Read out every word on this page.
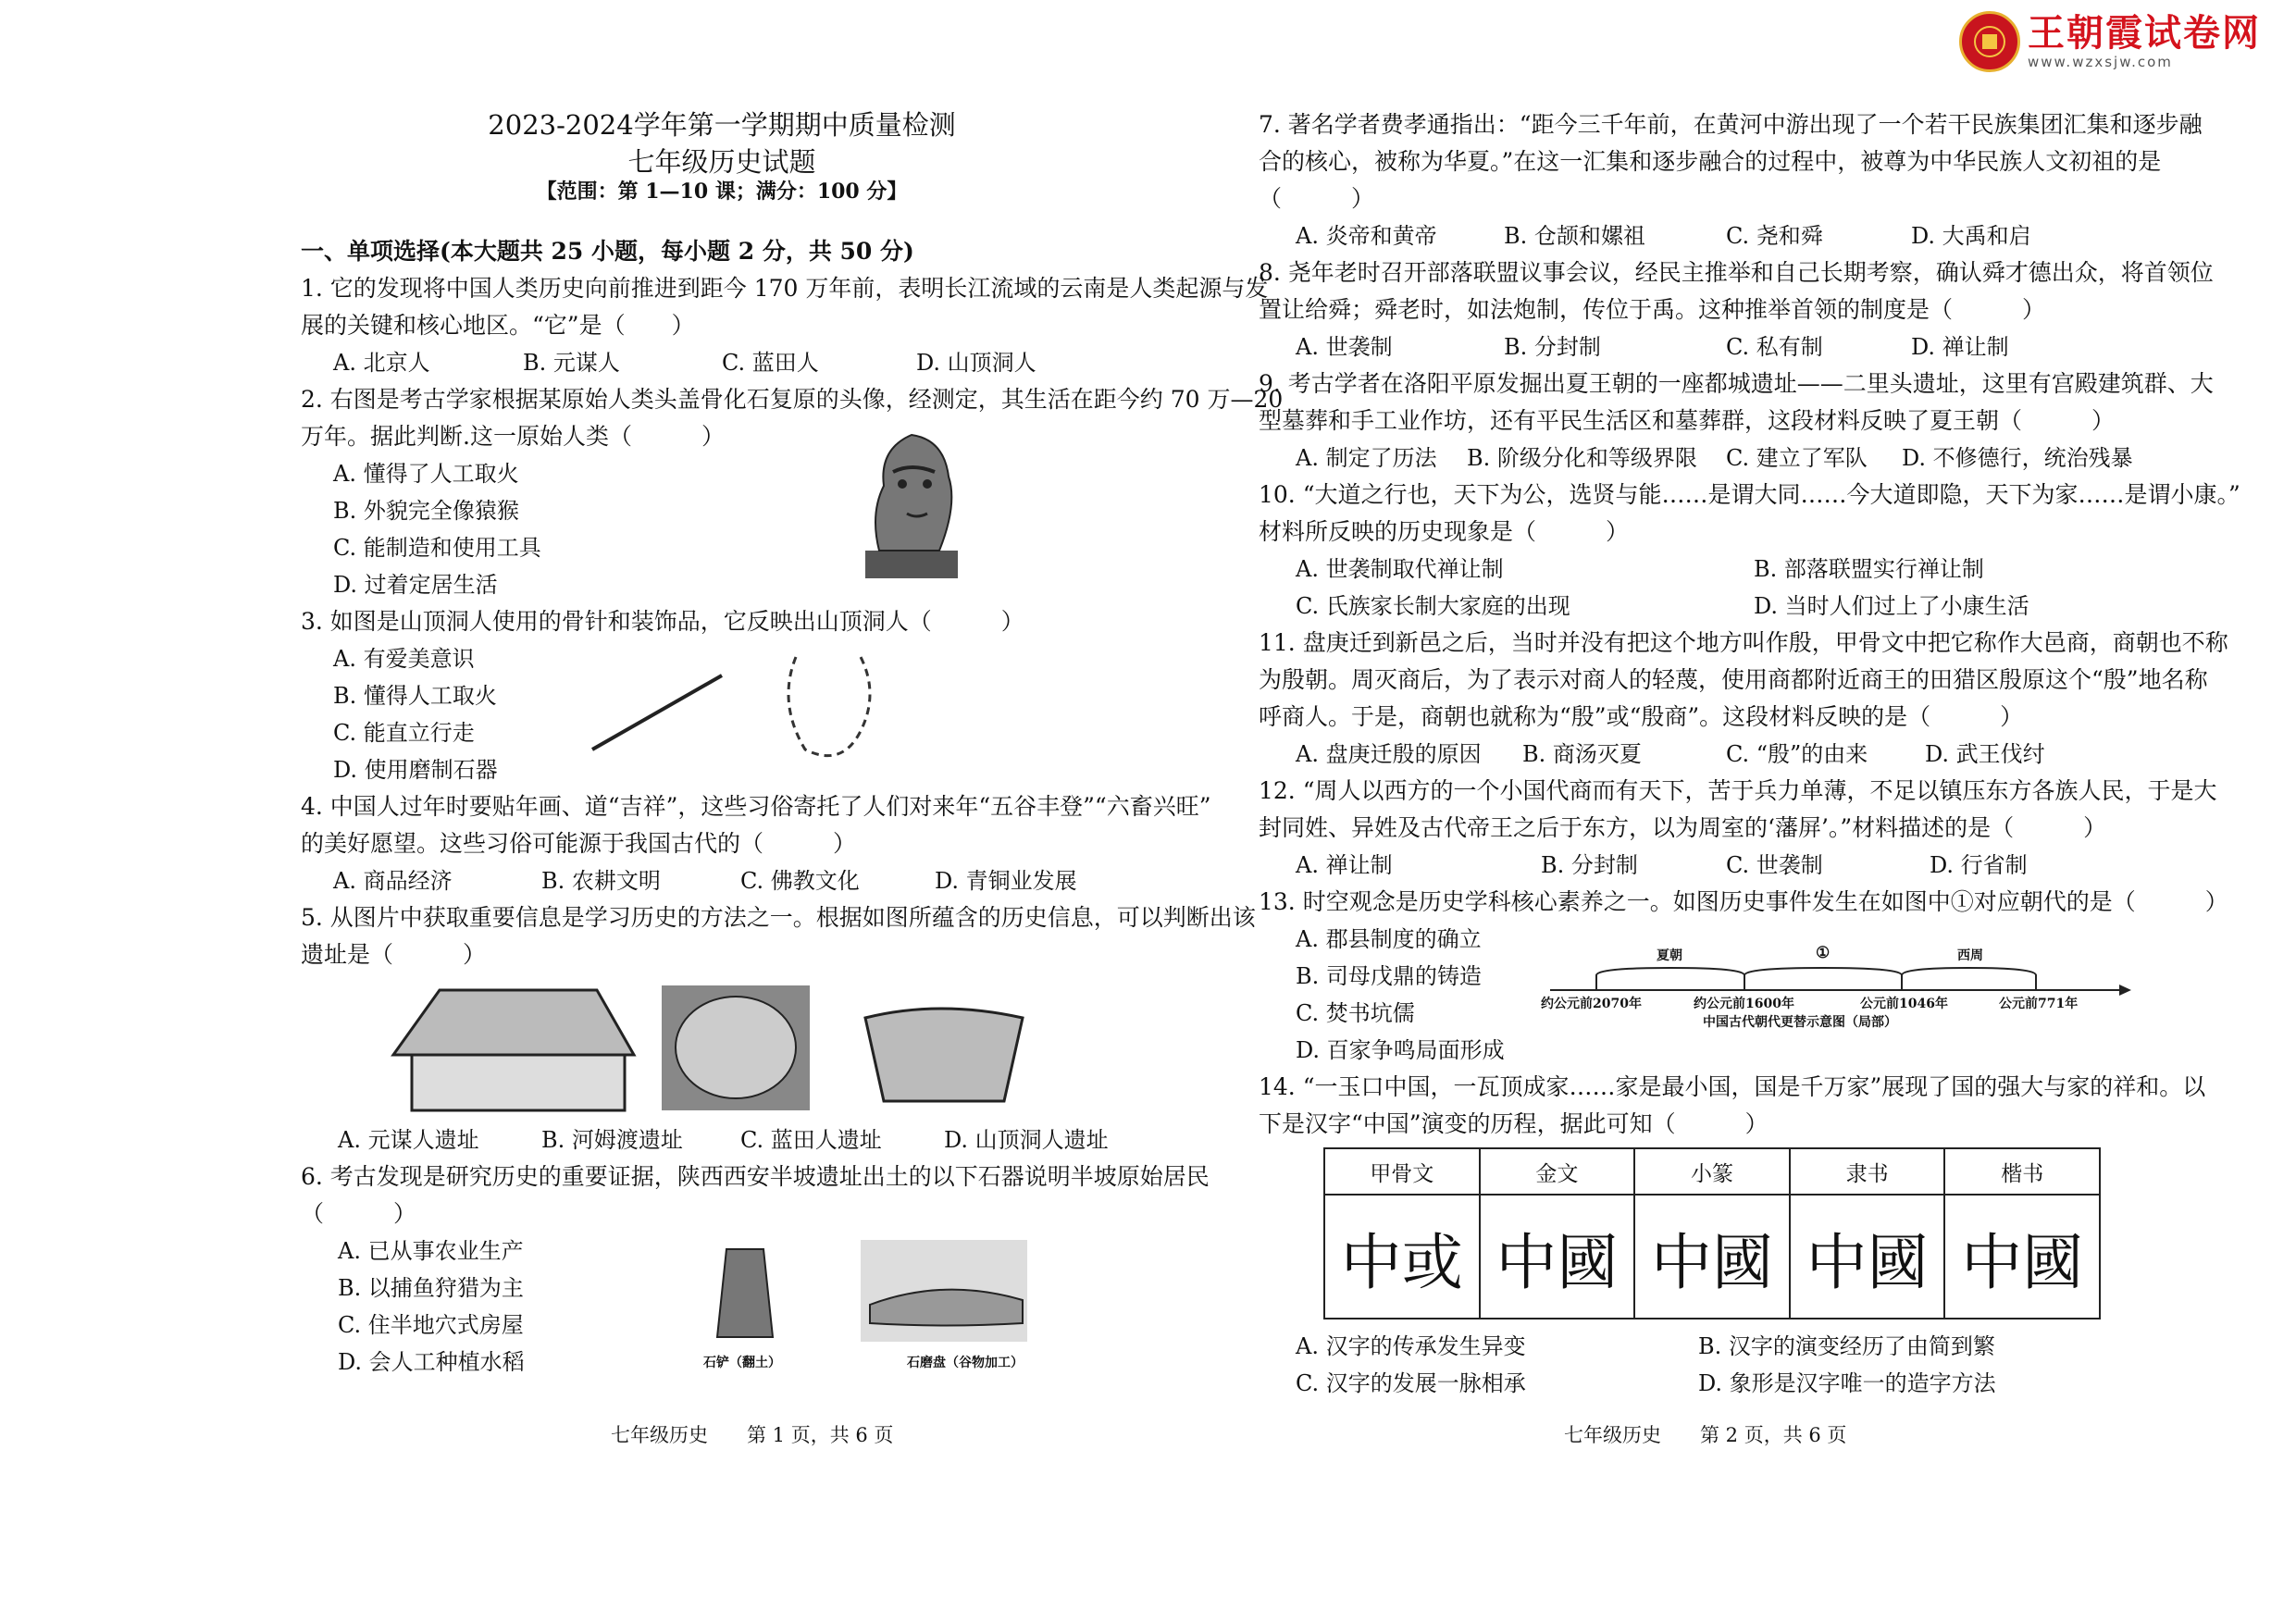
王朝霞试卷网
www.wzxsjw.com
2023-2024学年第一学期期中质量检测
七年级历史试题
【范围：第 1—10 课；满分：100 分】
一、单项选择(本大题共 25 小题，每小题 2 分，共 50 分)
1. 它的发现将中国人类历史向前推进到距今 170 万年前，表明长江流域的云南是人类起源与发
展的关键和核心地区。“它”是（　　）
A. 北京人	B. 元谋人	C. 蓝田人	D. 山顶洞人
2. 右图是考古学家根据某原始人类头盖骨化石复原的头像，经测定，其生活在距今约 70 万—20
万年。据此判断.这一原始人类（　　　）
A. 懂得了人工取火
B. 外貌完全像猿猴
C. 能制造和使用工具
D. 过着定居生活
3. 如图是山顶洞人使用的骨针和装饰品，它反映出山顶洞人（　　　）
A. 有爱美意识
B. 懂得人工取火
C. 能直立行走
D. 使用磨制石器
4. 中国人过年时要贴年画、道“吉祥”，这些习俗寄托了人们对来年“五谷丰登”“六畜兴旺”
的美好愿望。这些习俗可能源于我国古代的（　　　）
A. 商品经济	B. 农耕文明	C. 佛教文化	D. 青铜业发展
5. 从图片中获取重要信息是学习历史的方法之一。根据如图所蕴含的历史信息，可以判断出该
遗址是（　　　）
A. 元谋人遗址	B. 河姆渡遗址	C. 蓝田人遗址	D. 山顶洞人遗址
6. 考古发现是研究历史的重要证据，陕西西安半坡遗址出土的以下石器说明半坡原始居民
（　　　）
A. 已从事农业生产
B. 以捕鱼狩猎为主
C. 住半地穴式房屋
D. 会人工种植水稻	石铲（翻土）	石磨盘（谷物加工）
七年级历史　　第 1 页，共 6 页
7. 著名学者费孝通指出：“距今三千年前，在黄河中游出现了一个若干民族集团汇集和逐步融
合的核心，被称为华夏。”在这一汇集和逐步融合的过程中，被尊为中华民族人文初祖的是
（　　　）
A. 炎帝和黄帝	B. 仓颉和嫘祖	C. 尧和舜	D. 大禹和启
8. 尧年老时召开部落联盟议事会议，经民主推举和自己长期考察，确认舜才德出众，将首领位
置让给舜；舜老时，如法炮制，传位于禹。这种推举首领的制度是（　　　）
A. 世袭制	B. 分封制	C. 私有制	D. 禅让制
9. 考古学者在洛阳平原发掘出夏王朝的一座都城遗址——二里头遗址，这里有宫殿建筑群、大
型墓葬和手工业作坊，还有平民生活区和墓葬群，这段材料反映了夏王朝（　　　）
A. 制定了历法 B. 阶级分化和等级界限 C. 建立了军队 D. 不修德行，统治残暴
10. “大道之行也，天下为公，选贤与能……是谓大同……今大道即隐，天下为家……是谓小康。”
材料所反映的历史现象是（　　　）
A. 世袭制取代禅让制	B. 部落联盟实行禅让制
C. 氏族家长制大家庭的出现	D. 当时人们过上了小康生活
11. 盘庚迁到新邑之后，当时并没有把这个地方叫作殷，甲骨文中把它称作大邑商，商朝也不称
为殷朝。周灭商后，为了表示对商人的轻蔑，使用商都附近商王的田猎区殷原这个“殷”地名称
呼商人。于是，商朝也就称为“殷”或“殷商”。这段材料反映的是（　　　）
A. 盘庚迁殷的原因 B. 商汤灭夏	C. “殷”的由来	D. 武王伐纣
12. “周人以西方的一个小国代商而有天下，苦于兵力单薄，不足以镇压东方各族人民，于是大
封同姓、异姓及古代帝王之后于东方，以为周室的‘藩屏’。”材料描述的是（　　　）
A. 禅让制	B. 分封制	C. 世袭制	D. 行省制
13. 时空观念是历史学科核心素养之一。如图历史事件发生在如图中①对应朝代的是（　　　）
A. 郡县制度的确立
B. 司母戊鼎的铸造
C. 焚书坑儒
D. 百家争鸣局面形成
夏朝	①	西周
约公元前2070年	约公元前1600年	公元前1046年	公元前771年
中国古代朝代更替示意图（局部）
14. “一玉口中国，一瓦顶成家……家是最小国，国是千万家”展现了国的强大与家的祥和。以
下是汉字“中国”演变的历程，据此可知（　　　）
甲骨文	金文	小篆	隶书	楷书
中或	中國	中國	中國	中國
A. 汉字的传承发生异变	B. 汉字的演变经历了由简到繁
C. 汉字的发展一脉相承	D. 象形是汉字唯一的造字方法
七年级历史　　第 2 页，共 6 页
